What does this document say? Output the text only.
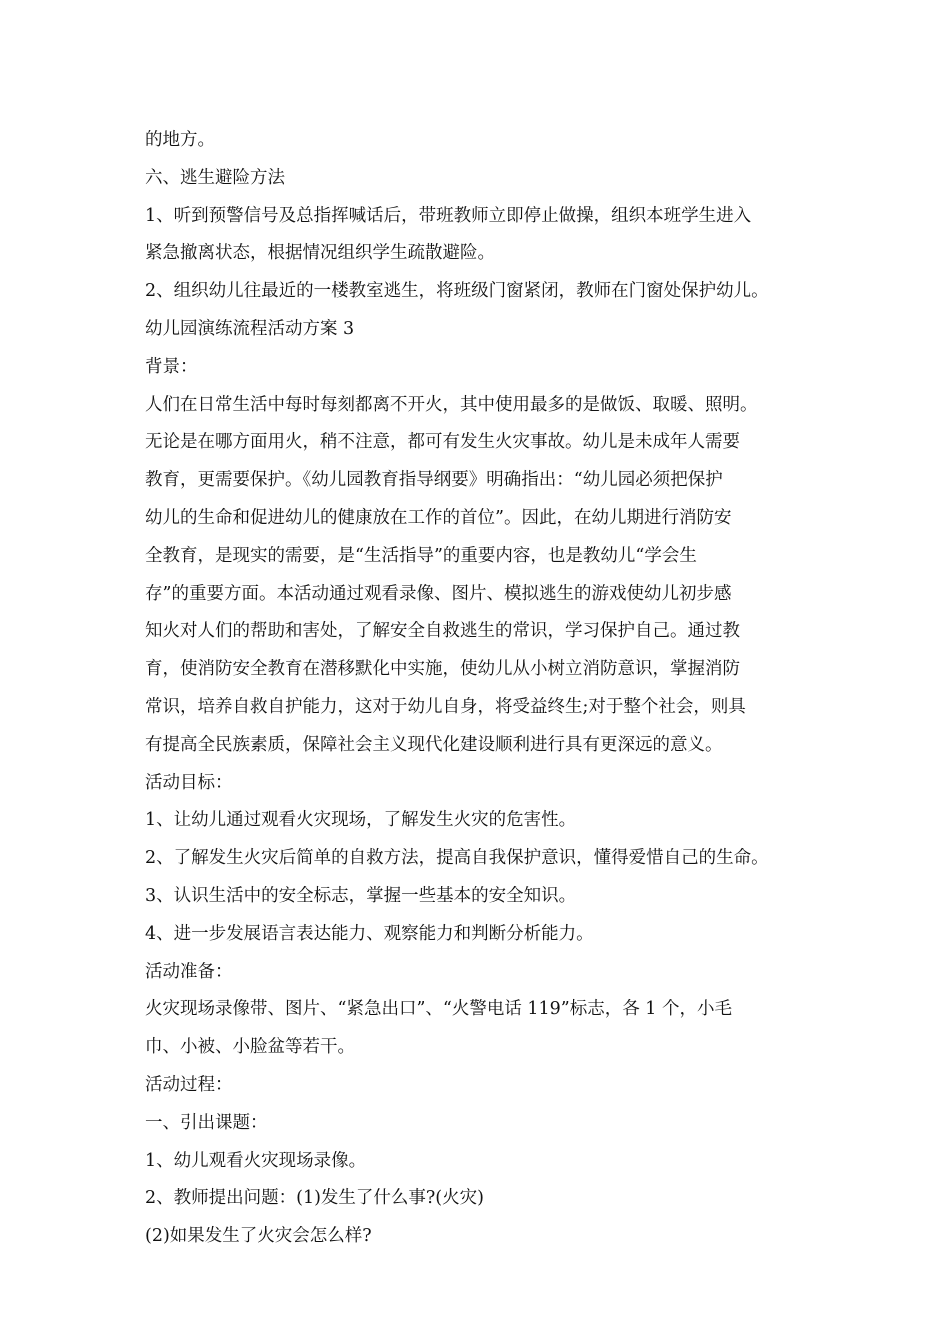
的地方。
六、逃生避险方法
1、听到预警信号及总指挥喊话后，带班教师立即停止做操，组织本班学生进入
紧急撤离状态，根据情况组织学生疏散避险。
2、组织幼儿往最近的一楼教室逃生，将班级门窗紧闭，教师在门窗处保护幼儿。
幼儿园演练流程活动方案 3
背景：
人们在日常生活中每时每刻都离不开火，其中使用最多的是做饭、取暖、照明。
无论是在哪方面用火，稍不注意，都可有发生火灾事故。幼儿是未成年人需要
教育，更需要保护。《幼儿园教育指导纲要》明确指出：“幼儿园必须把保护
幼儿的生命和促进幼儿的健康放在工作的首位”。因此，在幼儿期进行消防安
全教育，是现实的需要，是“生活指导”的重要内容，也是教幼儿“学会生
存”的重要方面。本活动通过观看录像、图片、模拟逃生的游戏使幼儿初步感
知火对人们的帮助和害处，了解安全自救逃生的常识，学习保护自己。通过教
育，使消防安全教育在潜移默化中实施，使幼儿从小树立消防意识，掌握消防
常识，培养自救自护能力，这对于幼儿自身，将受益终生;对于整个社会，则具
有提高全民族素质，保障社会主义现代化建设顺利进行具有更深远的意义。
活动目标：
1、让幼儿通过观看火灾现场，了解发生火灾的危害性。
2、了解发生火灾后简单的自救方法，提高自我保护意识，懂得爱惜自己的生命。
3、认识生活中的安全标志，掌握一些基本的安全知识。
4、进一步发展语言表达能力、观察能力和判断分析能力。
活动准备：
火灾现场录像带、图片、“紧急出口”、“火警电话 119”标志，各 1 个，小毛
巾、小被、小脸盆等若干。
活动过程：
一、引出课题：
1、幼儿观看火灾现场录像。
2、教师提出问题：(1)发生了什么事?(火灾)
(2)如果发生了火灾会怎么样?
